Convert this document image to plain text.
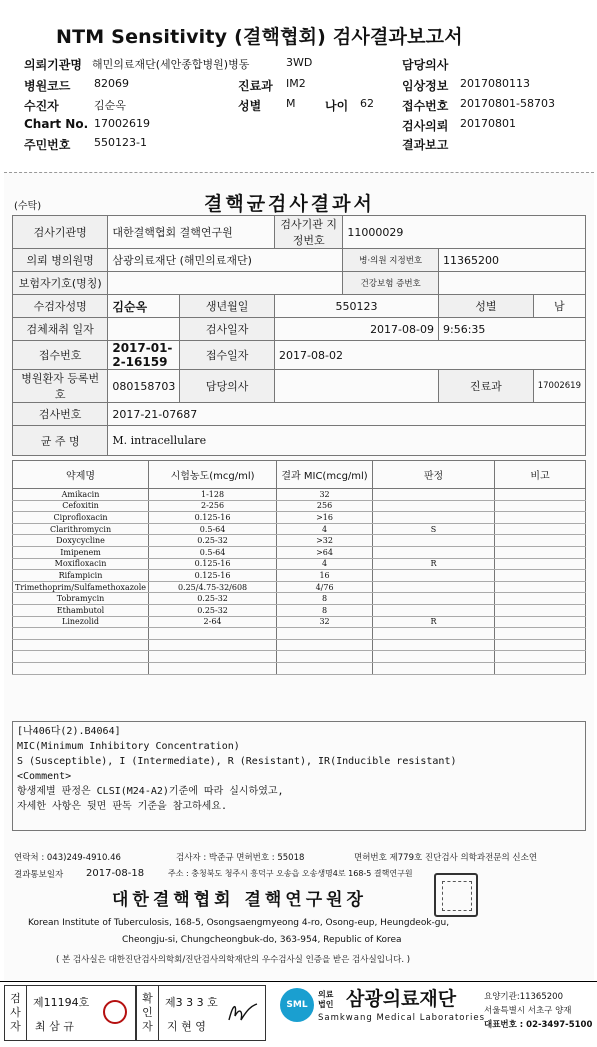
NTM Sensitivity (결핵협회) 검사결과보고서
의뢰기관명 해민의료재단(세안종합병원)병동	3WD	담당의사
병원코드 82069	진료과 IM2	임상정보 2017080113
수진자	김순옥	성별 M 나이 62 접수번호 20170801-58703
Chart No. 17002619	검사의뢰 20170801
주민번호 550123-1	결과보고
(수탁)	결핵균검사결과서
검사기관명	대한결핵협회 결핵연구원		검사기관 지정번호	11000029		
의뢰 병의원명	삼광의료재단 (해민의료재단)			병·의원 지정번호	11365200	
보험자기호(명칭)				건강보험 증번호		
수검자성명	김순옥	생년월일	550123		성별	남
검체채취 일자		검사일자	2017-08-09		9:56:35	
접수번호	2017-01-2-16159	접수일자	2017-08-02			
병원환자 등록번호	080158703	담당의사			진료과	17002619
검사번호	2017-21-07687					
균 주 명	M. intracellulare					
약제명	시험농도(mcg/ml)	결과 MIC(mcg/ml)	판정	비고
Amikacin	1-128	32		
Cefoxitin	2-256	256		
Ciprofloxacin	0.125-16	>16		
Clarithromycin	0.5-64	4	S	
Doxycycline	0.25-32	>32		
Imipenem	0.5-64	>64		
Moxifloxacin	0.125-16	4	R	
Rifampicin	0.125-16	16		
Trimethoprim/Sulfamethoxazole	0.25/4.75-32/608	4/76		
Tobramycin	0.25-32	8		
Ethambutol	0.25-32	8		
Linezolid	2-64	32	R	

[나406다(2).B4064]
MIC(Minimum Inhibitory Concentration)
S (Susceptible), I (Intermediate), R (Resistant), IR(Inducible resistant)
<Comment>
항생제별 판정은 CLSI(M24-A2)기준에 따라 실시하였고,
자세한 사항은 뒷면 판독 기준을 참고하세요.
연락처 : 043)249-4910.46	검사자 : 박준규 면허번호 : 55018	면허번호 제779호 진단검사 의학과전문의 신소연
결과통보일자 2017-08-18	주소 : 충청북도 청주시 흥덕구 오송읍 오송생명4로 168-5 결핵연구원
대한결핵협회 결핵연구원장
Korean Institute of Tuberculosis, 168-5, Osongsaengmyeong 4-ro, Osong-eup, Heungdeok-gu,
Cheongju-si, Chungcheongbuk-do, 363-954, Republic of Korea
( 본 검사실은 대한진단검사의학회/진단검사의학재단의 우수검사실 인증을 받은 검사실입니다. )
검사자
제11194호
최 삼 규
확인자
제3 3 3 호
지 현 영
SML
의료
법인 삼광의료재단
Samkwang Medical Laboratories
요양기관:11365200
서울특별시 서초구 양재
대표번호 : 02-3497-5100
